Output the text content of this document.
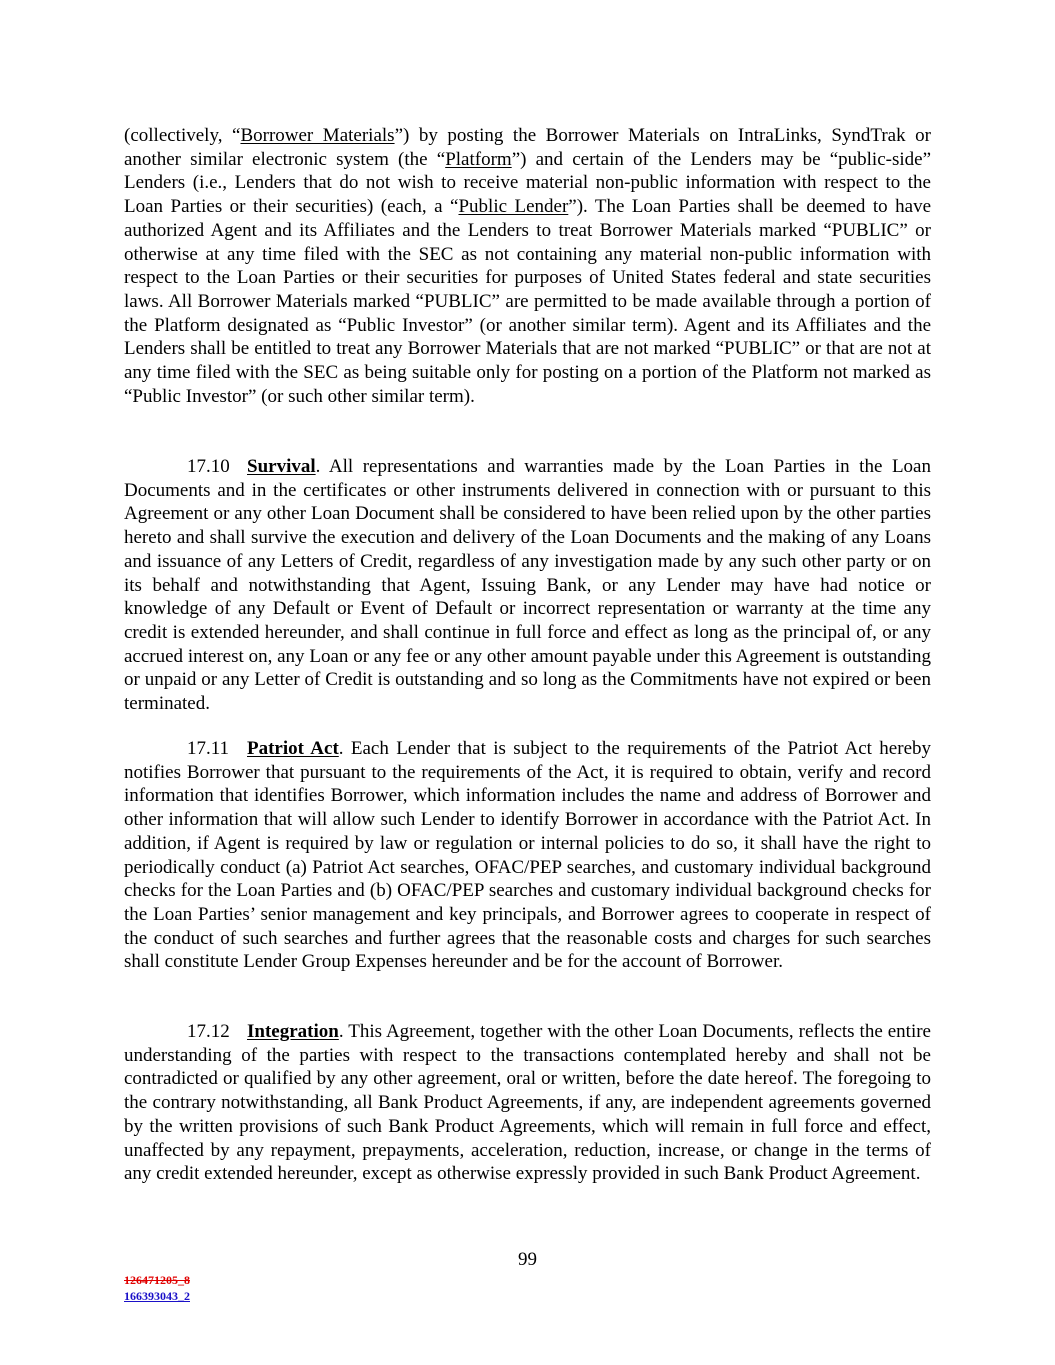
(collectively, “Borrower Materials”) by posting the Borrower Materials on IntraLinks, SyndTrak or another similar electronic system (the “Platform”) and certain of the Lenders may be “public-side” Lenders (i.e., Lenders that do not wish to receive material non-public information with respect to the Loan Parties or their securities) (each, a “Public Lender”). The Loan Parties shall be deemed to have authorized Agent and its Affiliates and the Lenders to treat Borrower Materials marked “PUBLIC” or otherwise at any time filed with the SEC as not containing any material non-public information with respect to the Loan Parties or their securities for purposes of United States federal and state securities laws. All Borrower Materials marked “PUBLIC” are permitted to be made available through a portion of the Platform designated as “Public Investor” (or another similar term). Agent and its Affiliates and the Lenders shall be entitled to treat any Borrower Materials that are not marked “PUBLIC” or that are not at any time filed with the SEC as being suitable only for posting on a portion of the Platform not marked as “Public Investor” (or such other similar term).

17.10 Survival. All representations and warranties made by the Loan Parties in the Loan Documents and in the certificates or other instruments delivered in connection with or pursuant to this Agreement or any other Loan Document shall be considered to have been relied upon by the other parties hereto and shall survive the execution and delivery of the Loan Documents and the making of any Loans and issuance of any Letters of Credit, regardless of any investigation made by any such other party or on its behalf and notwithstanding that Agent, Issuing Bank, or any Lender may have had notice or knowledge of any Default or Event of Default or incorrect representation or warranty at the time any credit is extended hereunder, and shall continue in full force and effect as long as the principal of, or any accrued interest on, any Loan or any fee or any other amount payable under this Agreement is outstanding or unpaid or any Letter of Credit is outstanding and so long as the Commitments have not expired or been terminated.

17.11 Patriot Act. Each Lender that is subject to the requirements of the Patriot Act hereby notifies Borrower that pursuant to the requirements of the Act, it is required to obtain, verify and record information that identifies Borrower, which information includes the name and address of Borrower and other information that will allow such Lender to identify Borrower in accordance with the Patriot Act. In addition, if Agent is required by law or regulation or internal policies to do so, it shall have the right to periodically conduct (a) Patriot Act searches, OFAC/PEP searches, and customary individual background checks for the Loan Parties and (b) OFAC/PEP searches and customary individual background checks for the Loan Parties’ senior management and key principals, and Borrower agrees to cooperate in respect of the conduct of such searches and further agrees that the reasonable costs and charges for such searches shall constitute Lender Group Expenses hereunder and be for the account of Borrower.

17.12 Integration. This Agreement, together with the other Loan Documents, reflects the entire understanding of the parties with respect to the transactions contemplated hereby and shall not be contradicted or qualified by any other agreement, oral or written, before the date hereof. The foregoing to the contrary notwithstanding, all Bank Product Agreements, if any, are independent agreements governed by the written provisions of such Bank Product Agreements, which will remain in full force and effect, unaffected by any repayment, prepayments, acceleration, reduction, increase, or change in the terms of any credit extended hereunder, except as otherwise expressly provided in such Bank Product Agreement.

99
126471205_8
166393043_2
